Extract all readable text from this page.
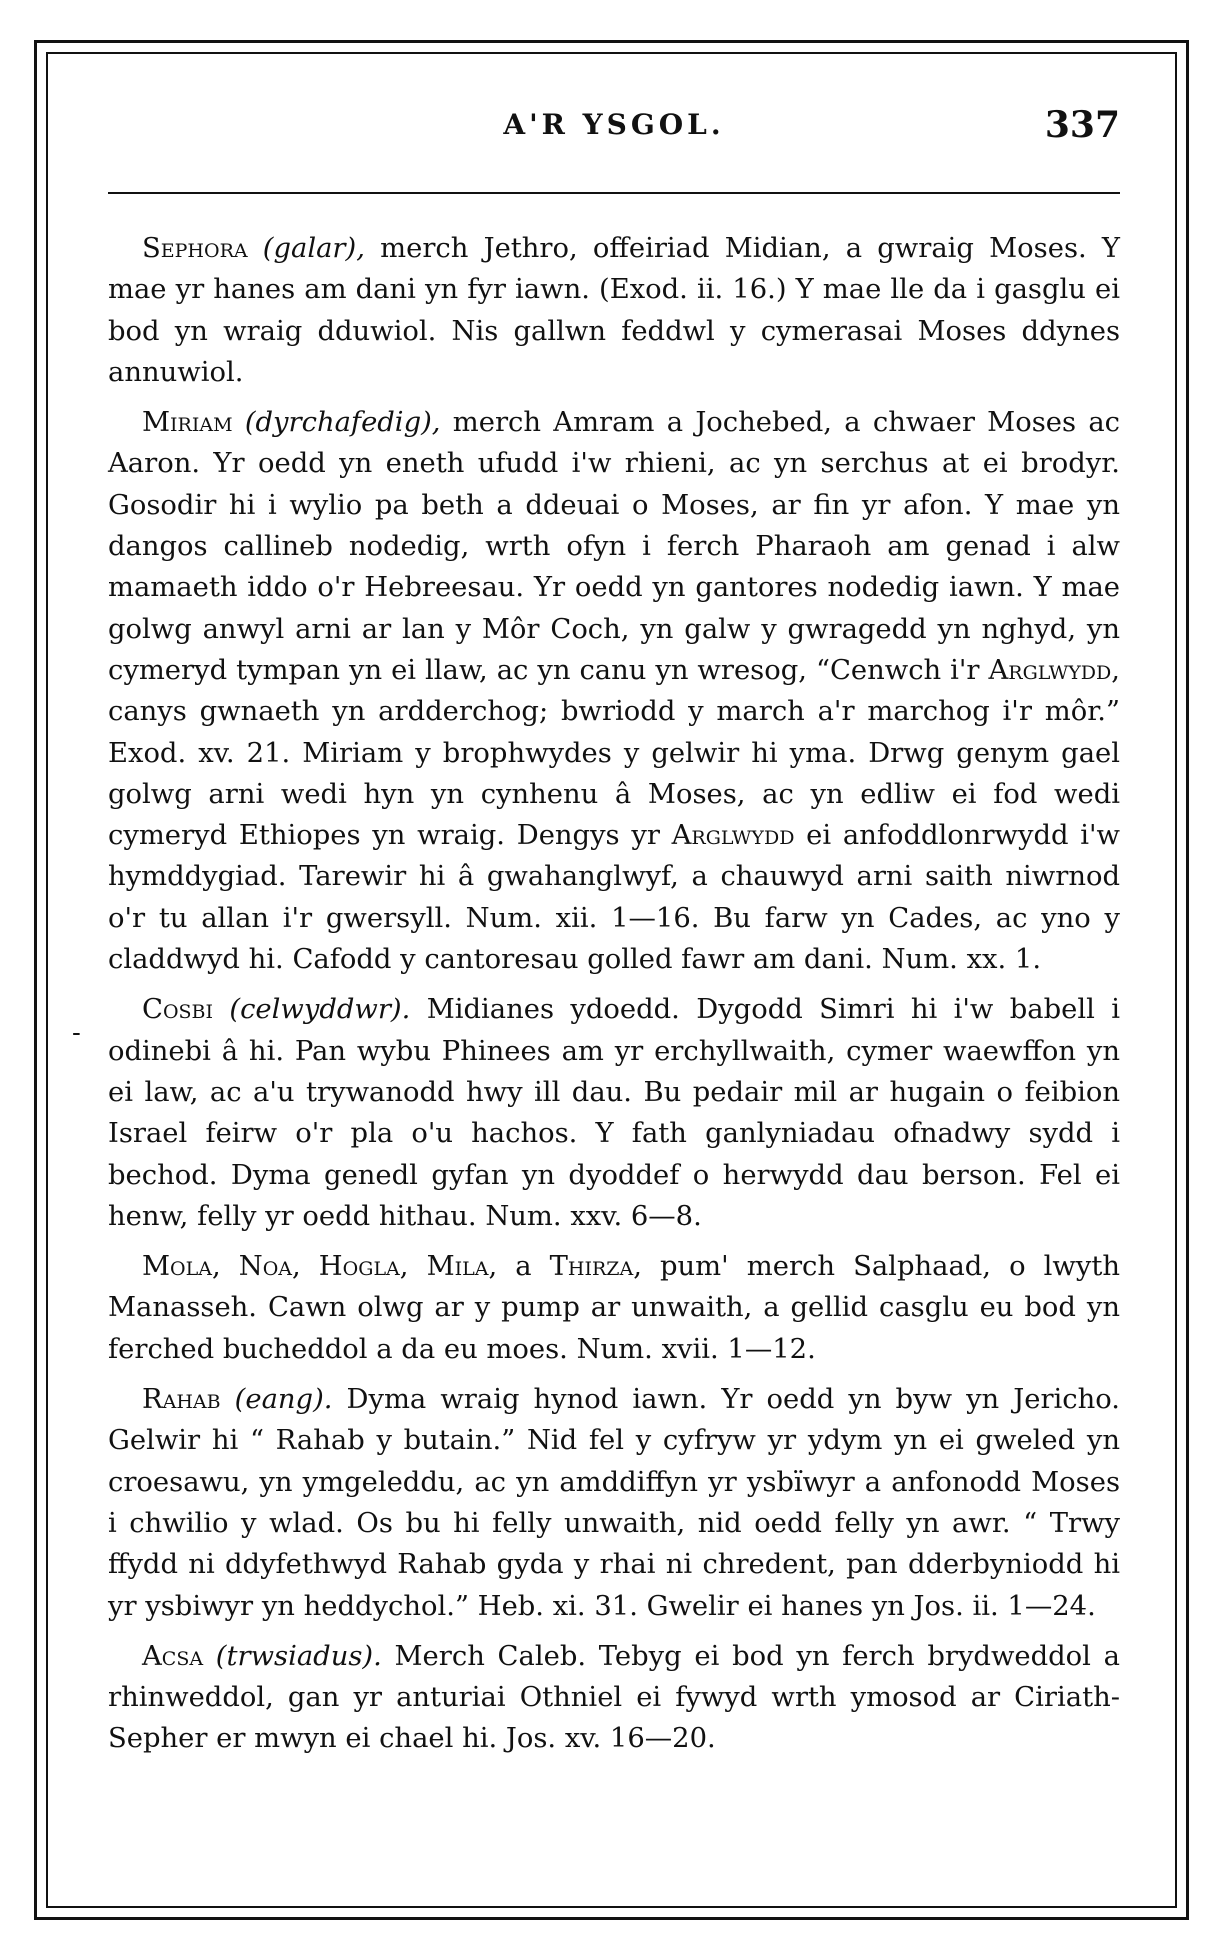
A'R YSGOL.	337
-

Sephora (galar), merch Jethro, offeiriad Midian, a gwraig Moses. Y mae yr hanes am dani yn fyr iawn. (Exod. ii. 16.) Y mae lle da i gasglu ei bod yn wraig dduwiol. Nis gallwn feddwl y cymerasai Moses ddynes annuwiol.

Miriam (dyrchafedig), merch Amram a Jochebed, a chwaer Moses ac Aaron. Yr oedd yn eneth ufudd i'w rhieni, ac yn serchus at ei brodyr. Gosodir hi i wylio pa beth a ddeuai o Moses, ar fin yr afon. Y mae yn dangos callineb nodedig, wrth ofyn i ferch Pharaoh am genad i alw mamaeth iddo o'r Hebreesau. Yr oedd yn gantores nodedig iawn. Y mae golwg anwyl arni ar lan y Môr Coch, yn galw y gwragedd yn nghyd, yn cymeryd tympan yn ei llaw, ac yn canu yn wresog, “Cenwch i'r Arglwydd, canys gwnaeth yn ardderchog; bwriodd y march a'r marchog i'r môr.” Exod. xv. 21. Miriam y brophwydes y gelwir hi yma. Drwg genym gael golwg arni wedi hyn yn cynhenu â Moses, ac yn edliw ei fod wedi cymeryd Ethiopes yn wraig. Dengys yr Arglwydd ei anfoddlonrwydd i'w hymddygiad. Tarewir hi â gwahanglwyf, a chauwyd arni saith niwrnod o'r tu allan i'r gwersyll. Num. xii. 1—16. Bu farw yn Cades, ac yno y claddwyd hi. Cafodd y cantoresau golled fawr am dani. Num. xx. 1.

Cosbi (celwyddwr). Midianes ydoedd. Dygodd Simri hi i'w babell i odinebi â hi. Pan wybu Phinees am yr erchyllwaith, cymer waewffon yn ei law, ac a'u trywanodd hwy ill dau. Bu pedair mil ar hugain o feibion Israel feirw o'r pla o'u hachos. Y fath ganlyniadau ofnadwy sydd i bechod. Dyma genedl gyfan yn dyoddef o herwydd dau berson. Fel ei henw, felly yr oedd hithau. Num. xxv. 6—8.

Mola, Noa, Hogla, Mila, a Thirza, pum' merch Salphaad, o lwyth Manasseh. Cawn olwg ar y pump ar unwaith, a gellid casglu eu bod yn ferched bucheddol a da eu moes. Num. xvii. 1—12.

Rahab (eang). Dyma wraig hynod iawn. Yr oedd yn byw yn Jericho. Gelwir hi “ Rahab y butain.” Nid fel y cyfryw yr ydym yn ei gweled yn croesawu, yn ymgeleddu, ac yn amddiffyn yr ysbïwyr a anfonodd Moses i chwilio y wlad. Os bu hi felly unwaith, nid oedd felly yn awr. “ Trwy ffydd ni ddyfethwyd Rahab gyda y rhai ni chredent, pan dderbyniodd hi yr ysbiwyr yn heddychol.” Heb. xi. 31. Gwelir ei hanes yn Jos. ii. 1—24.

Acsa (trwsiadus). Merch Caleb. Tebyg ei bod yn ferch brydweddol a rhinweddol, gan yr anturiai Othniel ei fywyd wrth ymosod ar Ciriath-Sepher er mwyn ei chael hi. Jos. xv. 16—20.
